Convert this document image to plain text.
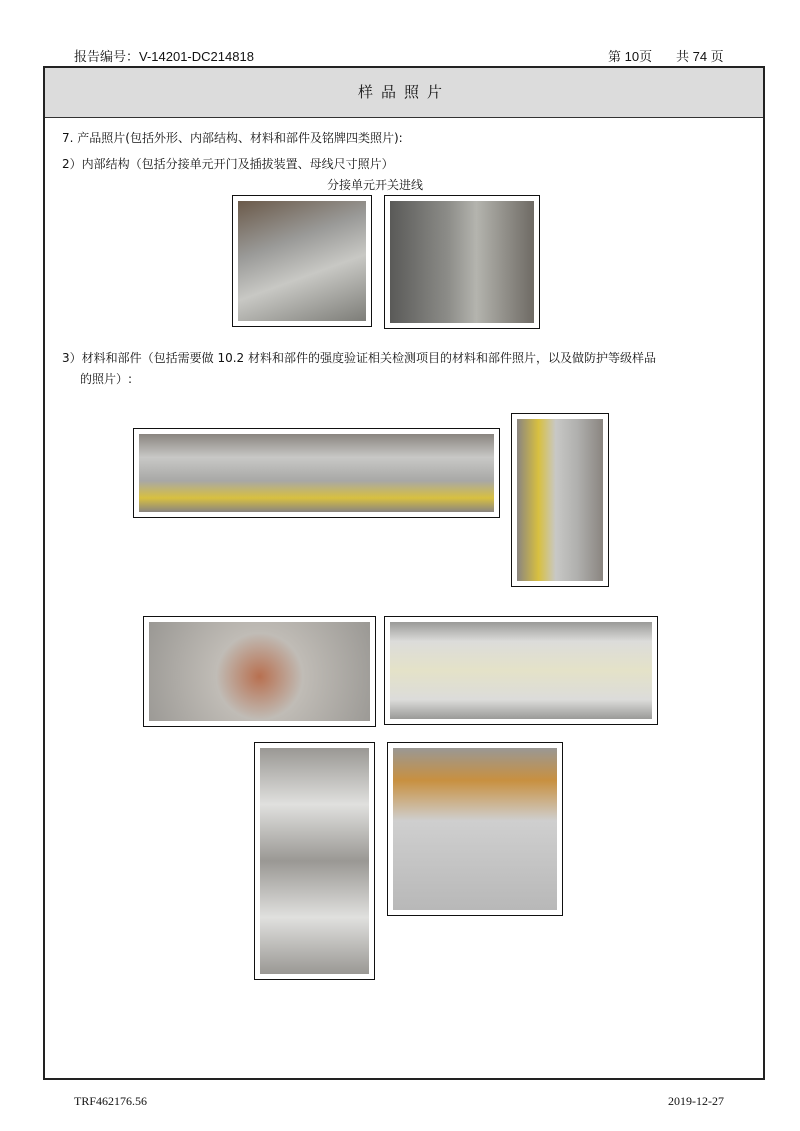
报告编号：V-14201-DC214818	第 10页 共 74 页
样品照片
7. 产品照片(包括外形、内部结构、材料和部件及铭牌四类照片):
2）内部结构（包括分接单元开门及插拔装置、母线尺寸照片）
分接单元开关进线
3）材料和部件（包括需要做 10.2 材料和部件的强度验证相关检测项目的材料和部件照片，以及做防护等级样品
的照片）:
TRF462176.56	2019-12-27
